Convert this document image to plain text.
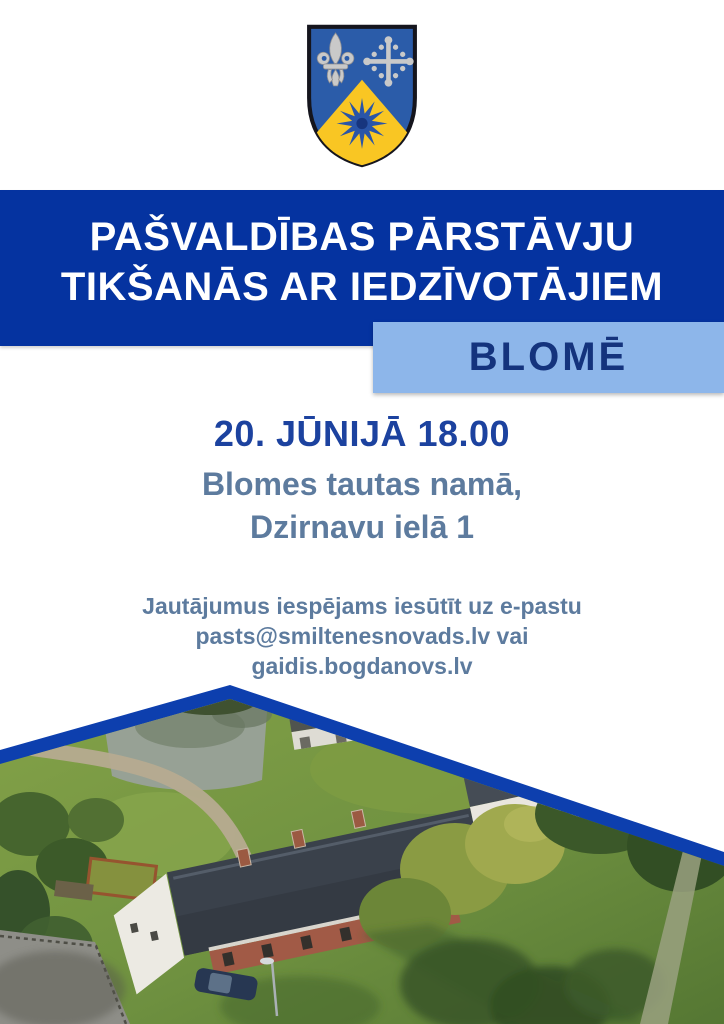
PAŠVALDĪBAS PĀRSTĀVJU
TIKŠANĀS AR IEDZĪVOTĀJIEM
BLOMĒ
20. JŪNIJĀ 18.00
Blomes tautas namā,
Dzirnavu ielā 1
Jautājumus iespējams iesūtīt uz e-pastu
pasts@smiltenesnovads.lv vai
gaidis.bogdanovs.lv
